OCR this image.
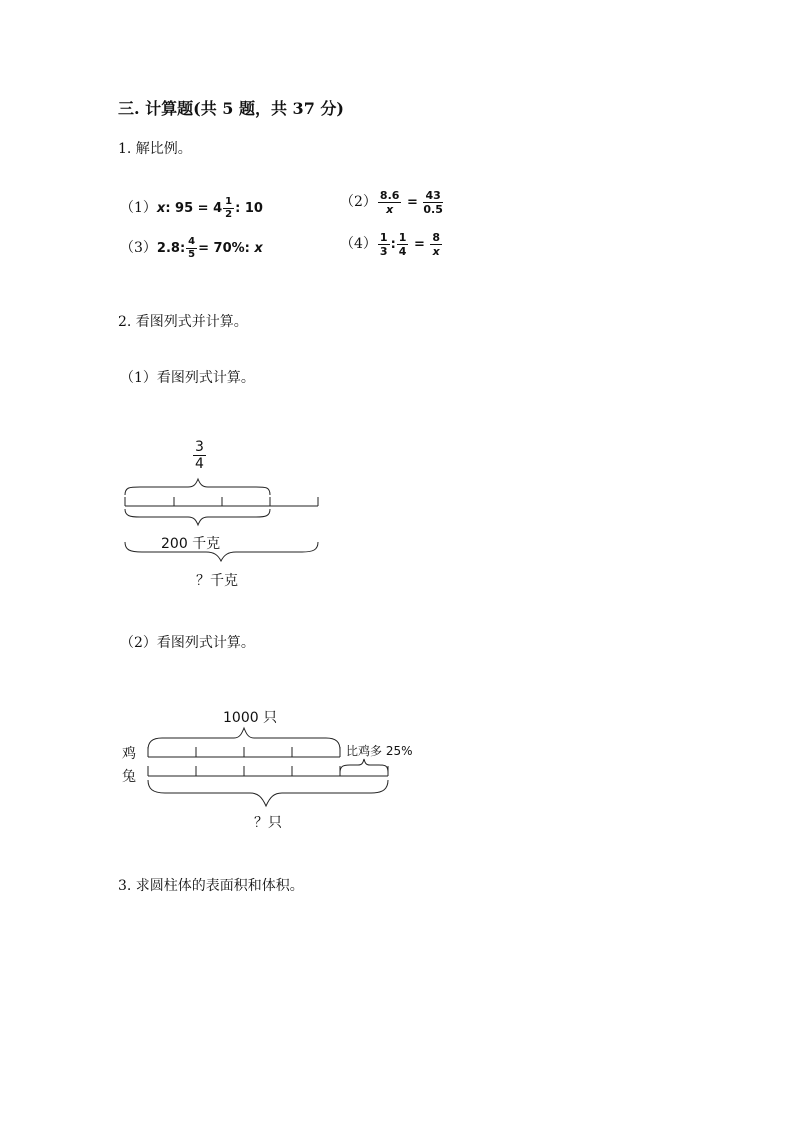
三. 计算题(共 5 题，共 37 分)
1. 解比例。
（1）x: $95 = 4 \frac{1}{2}$ : 10	$(2) \frac{8.6}{x} = \frac{43}{0.5}$
（3）2.8: $\frac{4}{5} = 70\%$: x	$(4) \frac{1}{3}$ : $\frac{1}{4} = \frac{8}{x}$
2. 看图列式并计算。
（1）看图列式计算。
$\frac{3}{4}$
200 千克
？千克
（2）看图列式计算。
1000 只
鸡
兔
比鸡多 25%
？只
3. 求圆柱体的表面积和体积。
